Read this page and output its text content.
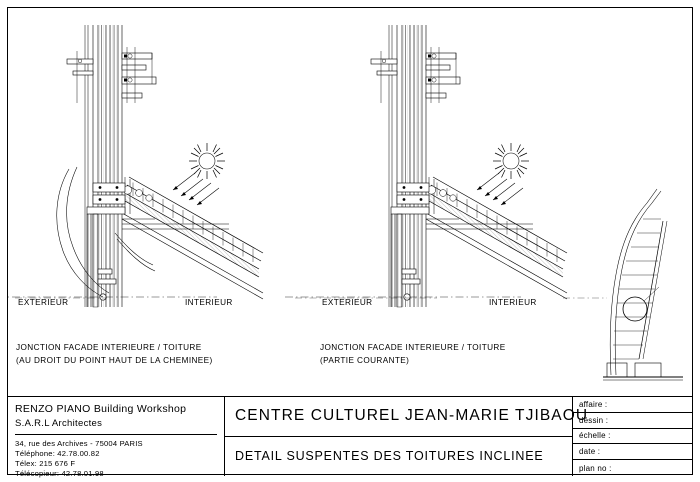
EXTERIEUR	INTERIEUR
JONCTION FACADE INTERIEURE / TOITURE
(AU DROIT DU POINT HAUT DE LA CHEMINEE)
EXTERIEUR	INTERIEUR
JONCTION FACADE INTERIEURE / TOITURE
(PARTIE COURANTE)

RENZO PIANO Building Workshop

S.A.R.L Architectes

34, rue des Archives - 75004 PARIS

Téléphone: 42.78.00.82

Télex: 215 676 F

Télécopieur: 42.78.01.98

CENTRE CULTUREL JEAN-MARIE TJIBAOU
DETAIL SUSPENTES DES TOITURES INCLINEE
affaire :
déssin :
échelle :
date :
plan no :
